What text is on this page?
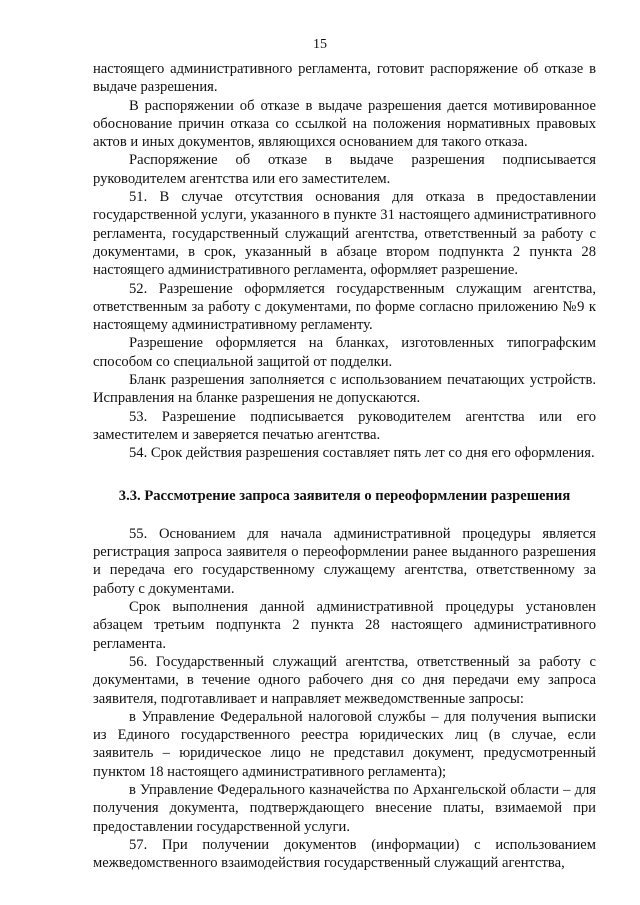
15

настоящего административного регламента, готовит распоряжение об отказе в выдаче разрешения.

В распоряжении об отказе в выдаче разрешения дается мотивированное обоснование причин отказа со ссылкой на положения нормативных правовых актов и иных документов, являющихся основанием для такого отказа.

Распоряжение об отказе в выдаче разрешения подписывается руководителем агентства или его заместителем.

51. В случае отсутствия основания для отказа в предоставлении государственной услуги, указанного в пункте 31 настоящего административного регламента, государственный служащий агентства, ответственный за работу с документами, в срок, указанный в абзаце втором подпункта 2 пункта 28 настоящего административного регламента, оформляет разрешение.

52. Разрешение оформляется государственным служащим агентства, ответственным за работу с документами, по форме согласно приложению №9 к настоящему административному регламенту.

Разрешение оформляется на бланках, изготовленных типографским способом со специальной защитой от подделки.

Бланк разрешения заполняется с использованием печатающих устройств. Исправления на бланке разрешения не допускаются.

53. Разрешение подписывается руководителем агентства или его заместителем и заверяется печатью агентства.

54. Срок действия разрешения составляет пять лет со дня его оформления.

3.3. Рассмотрение запроса заявителя о переоформлении разрешения

55. Основанием для начала административной процедуры является регистрация запроса заявителя о переоформлении ранее выданного разрешения и передача его государственному служащему агентства, ответственному за работу с документами.

Срок выполнения данной административной процедуры установлен абзацем третьим подпункта 2 пункта 28 настоящего административного регламента.

56. Государственный служащий агентства, ответственный за работу с документами, в течение одного рабочего дня со дня передачи ему запроса заявителя, подготавливает и направляет межведомственные запросы:

в Управление Федеральной налоговой службы – для получения выписки из Единого государственного реестра юридических лиц (в случае, если заявитель – юридическое лицо не представил документ, предусмотренный пунктом 18 настоящего административного регламента);

в Управление Федерального казначейства по Архангельской области – для получения документа, подтверждающего внесение платы, взимаемой при предоставлении государственной услуги.

57. При получении документов (информации) с использованием межведомственного взаимодействия государственный служащий агентства,
